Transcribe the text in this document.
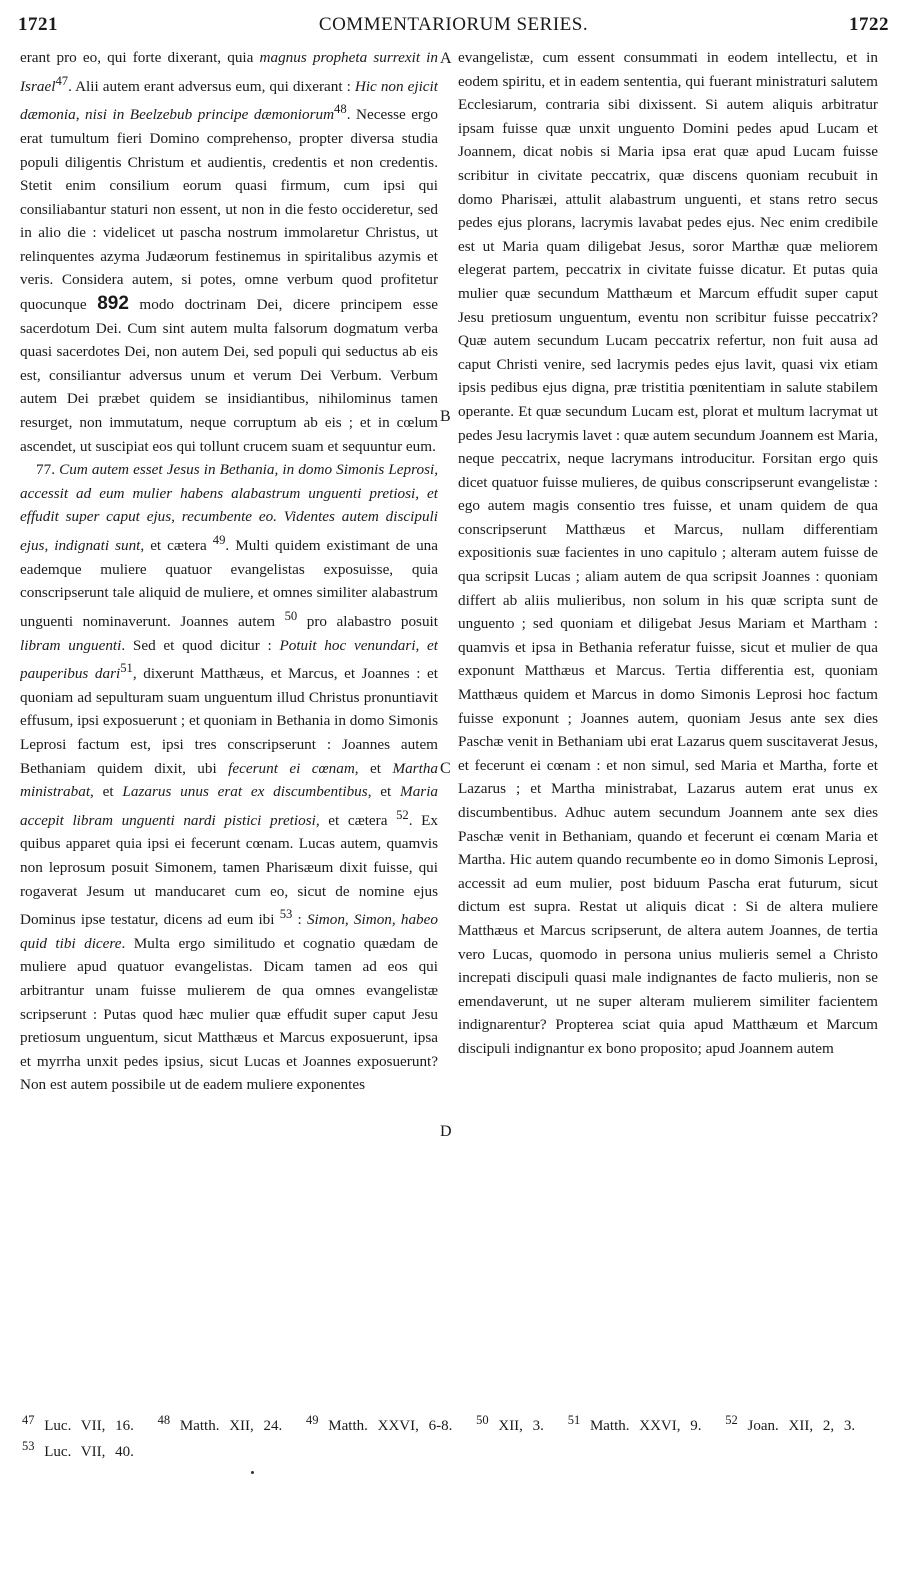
1721	COMMENTARIORUM SERIES.	1722

erant pro eo, qui forte dixerant, quia magnus propheta surrexit in Israel$^{47}$. Alii autem erant adversus eum, qui dixerant : Hic non ejicit dæmonia, nisi in Beelzebub principe dæmoniorum$^{48}$. Necesse ergo erat tumultum fieri Domino comprehenso, propter diversa studia populi diligentis Christum et audientis, credentis et non credentis. Stetit enim consilium eorum quasi firmum, cum ipsi qui consiliabantur staturi non essent, ut non in die festo occideretur, sed in alio die : videlicet ut pascha nostrum immolaretur Christus, ut relinquentes azyma Judæorum festinemus in spiritalibus azymis et veris. Considera autem, si potes, omne verbum quod profitetur quocunque 892 modo doctrinam Dei, dicere principem esse sacerdotum Dei. Cum sint autem multa falsorum dogmatum verba quasi sacerdotes Dei, non autem Dei, sed populi qui seductus ab eis est, consiliantur adversus unum et verum Dei Verbum. Verbum autem Dei præbet quidem se insidiantibus, nihilominus tamen resurget, non immutatum, neque corruptum ab eis ; et in cœlum ascendet, ut suscipiat eos qui tollunt crucem suam et sequuntur eum.

77. Cum autem esset Jesus in Bethania, in domo Simonis Leprosi, accessit ad eum mulier habens alabastrum unguenti pretiosi, et effudit super caput ejus, recumbente eo. Videntes autem discipuli ejus, indignati sunt, et cætera $^{49}$. Multi quidem existimant de una eademque muliere quatuor evangelistas exposuisse, quia conscripserunt tale aliquid de muliere, et omnes similiter alabastrum unguenti nominaverunt. Joannes autem $^{50}$ pro alabastro posuit libram unguenti. Sed et quod dicitur : Potuit hoc venundari, et pauperibus dari$^{51}$, dixerunt Matthæus, et Marcus, et Joannes : et quoniam ad sepulturam suam unguentum illud Christus pronuntiavit effusum, ipsi exposuerunt ; et quoniam in Bethania in domo Simonis Leprosi factum est, ipsi tres conscripserunt : Joannes autem Bethaniam quidem dixit, ubi fecerunt ei cœnam, et Martha ministrabat, et Lazarus unus erat ex discumbentibus, et Maria accepit libram unguenti nardi pistici pretiosi, et cætera $^{52}$. Ex quibus apparet quia ipsi ei fecerunt cœnam. Lucas autem, quamvis non leprosum posuit Simonem, tamen Pharisæum dixit fuisse, qui rogaverat Jesum ut manducaret cum eo, sicut de nomine ejus Dominus ipse testatur, dicens ad eum ibi $^{53}$ : Simon, Simon, habeo quid tibi dicere. Multa ergo similitudo et cognatio quædam de muliere apud quatuor evangelistas. Dicam tamen ad eos qui arbitrantur unam fuisse mulierem de qua omnes evangelistæ scripserunt : Putas quod hæc mulier quæ effudit super caput Jesu pretiosum unguentum, sicut Matthæus et Marcus exposuerunt, ipsa et myrrha unxit pedes ipsius, sicut Lucas et Joannes exposuerunt? Non est autem possibile ut de eadem muliere exponentes

evangelistæ, cum essent consummati in eodem intellectu, et in eodem spiritu, et in eadem sententia, qui fuerant ministraturi salutem Ecclesiarum, contraria sibi dixissent. Si autem aliquis arbitratur ipsam fuisse quæ unxit unguento Domini pedes apud Lucam et Joannem, dicat nobis si Maria ipsa erat quæ apud Lucam fuisse scribitur in civitate peccatrix, quæ discens quoniam recubuit in domo Pharisæi, attulit alabastrum unguenti, et stans retro secus pedes ejus plorans, lacrymis lavabat pedes ejus. Nec enim credibile est ut Maria quam diligebat Jesus, soror Marthæ quæ meliorem elegerat partem, peccatrix in civitate fuisse dicatur. Et putas quia mulier quæ secundum Matthæum et Marcum effudit super caput Jesu pretiosum unguentum, eventu non scribitur fuisse peccatrix? Quæ autem secundum Lucam peccatrix refertur, non fuit ausa ad caput Christi venire, sed lacrymis pedes ejus lavit, quasi vix etiam ipsis pedibus ejus digna, præ tristitia pœnitentiam in salute stabilem operante. Et quæ secundum Lucam est, plorat et multum lacrymat ut pedes Jesu lacrymis lavet : quæ autem secundum Joannem est Maria, neque peccatrix, neque lacrymans introducitur. Forsitan ergo quis dicet quatuor fuisse mulieres, de quibus conscripserunt evangelistæ : ego autem magis consentio tres fuisse, et unam quidem de qua conscripserunt Matthæus et Marcus, nullam differentiam expositionis suæ facientes in uno capitulo ; alteram autem fuisse de qua scripsit Lucas ; aliam autem de qua scripsit Joannes : quoniam differt ab aliis mulieribus, non solum in his quæ scripta sunt de unguento ; sed quoniam et diligebat Jesus Mariam et Martham : quamvis et ipsa in Bethania referatur fuisse, sicut et mulier de qua exponunt Matthæus et Marcus. Tertia differentia est, quoniam Matthæus quidem et Marcus in domo Simonis Leprosi hoc factum fuisse exponunt ; Joannes autem, quoniam Jesus ante sex dies Paschæ venit in Bethaniam ubi erat Lazarus quem suscitaverat Jesus, et fecerunt ei cœnam : et non simul, sed Maria et Martha, forte et Lazarus ; et Martha ministrabat, Lazarus autem erat unus ex discumbentibus. Adhuc autem secundum Joannem ante sex dies Paschæ venit in Bethaniam, quando et fecerunt ei cœnam Maria et Martha. Hic autem quando recumbente eo in domo Simonis Leprosi, accessit ad eum mulier, post biduum Pascha erat futurum, sicut dictum est supra. Restat ut aliquis dicat : Si de altera muliere Matthæus et Marcus scripserunt, de altera autem Joannes, de tertia vero Lucas, quomodo in persona unius mulieris semel a Christo increpati discipuli quasi male indignantes de facto mulieris, non se emendaverunt, ut ne super alteram mulierem similiter facientem indignarentur? Propterea sciat quia apud Matthæum et Marcum discipuli indignantur ex bono proposito; apud Joannem autem

A
B
C
D
$^{47}$ Luc. VII, 16. $^{48}$ Matth. XII, 24. $^{49}$ Matth. XXVI, 6-8. $^{50}$ XII, 3. $^{51}$ Matth. XXVI, 9. $^{52}$ Joan. XII, 2, 3. $^{53}$ Luc. VII, 40.
